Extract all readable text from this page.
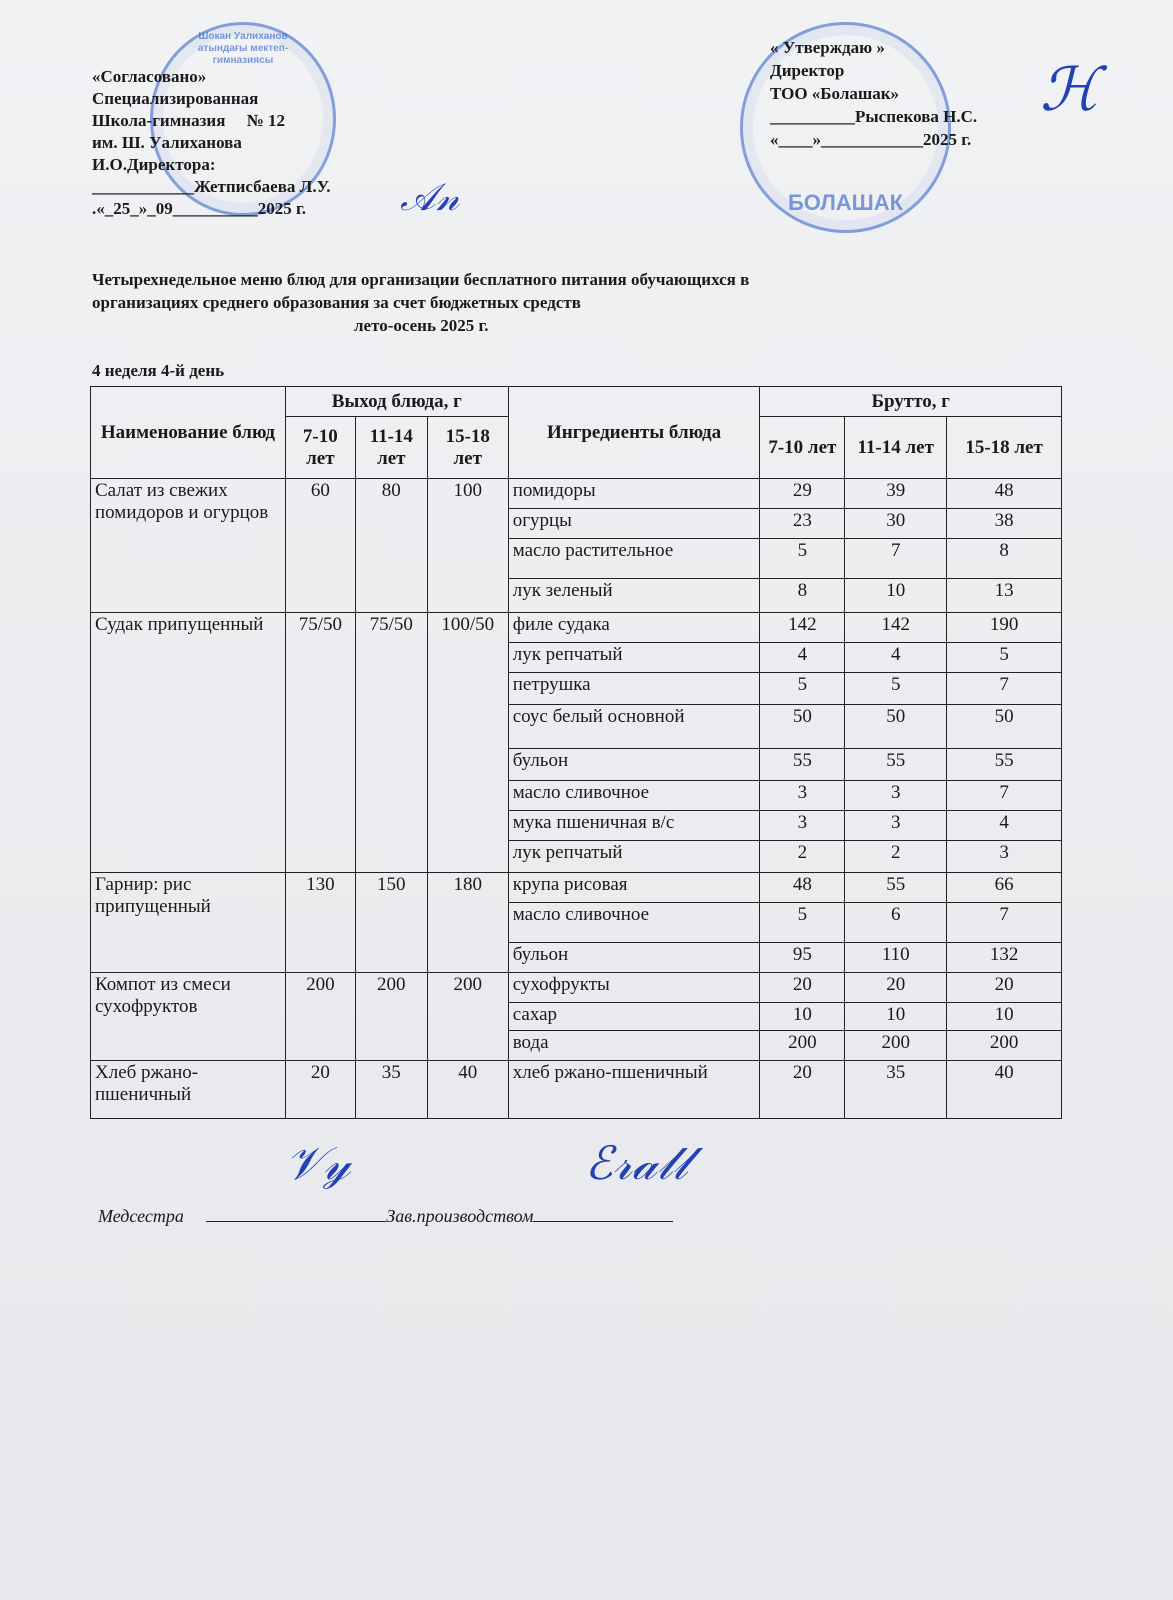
Шокан Уалиханов атындағы мектеп-гимназиясы
БОЛАШАК
«Согласовано»
Специализированная
Школа-гимназия     № 12
им. Ш. Уалиханова
И.О.Директора:
____________Жетписбаева Л.У.
.«_25_»_09__________2025 г.	𝒜𝓃
« Утверждаю »
Директор
ТОО «Болашак»
__________Рыспекова Н.С.
«____»____________2025 г.
ℋ
Четырехнедельное меню блюд для организации бесплатного питания обучающихся в
организациях среднего образования за счет бюджетных средств
лето-осень 2025 г.
4 неделя 4-й день
Наименование блюд	Выход блюда, г			Ингредиенты блюда	Брутто, г		
	7-10 лет	11-14 лет	15-18 лет		7-10 лет	11-14 лет	15-18 лет
Салат из свежих помидоров и огурцов	60	80	100	помидоры	29	39	48
				огурцы	23	30	38
				масло растительное	5	7	8
				лук зеленый	8	10	13
Судак припущенный	75/50	75/50	100/50	филе судака	142	142	190
				лук репчатый	4	4	5
				петрушка	5	5	7
				соус белый основной	50	50	50
				бульон	55	55	55
				масло сливочное	3	3	7
				мука пшеничная в/с	3	3	4
				лук репчатый	2	2	3
Гарнир: рис припущенный	130	150	180	крупа рисовая	48	55	66
				масло сливочное	5	6	7
				бульон	95	110	132
Компот из смеси сухофруктов	200	200	200	сухофрукты	20	20	20
				сахар	10	10	10
				вода	200	200	200
Хлеб ржано-пшеничный	20	35	40	хлеб ржано-пшеничный	20	35	40
𝒱𝓎	ℰ𝓇𝒶𝓁𝓁
Медсестра	Зав.производством
